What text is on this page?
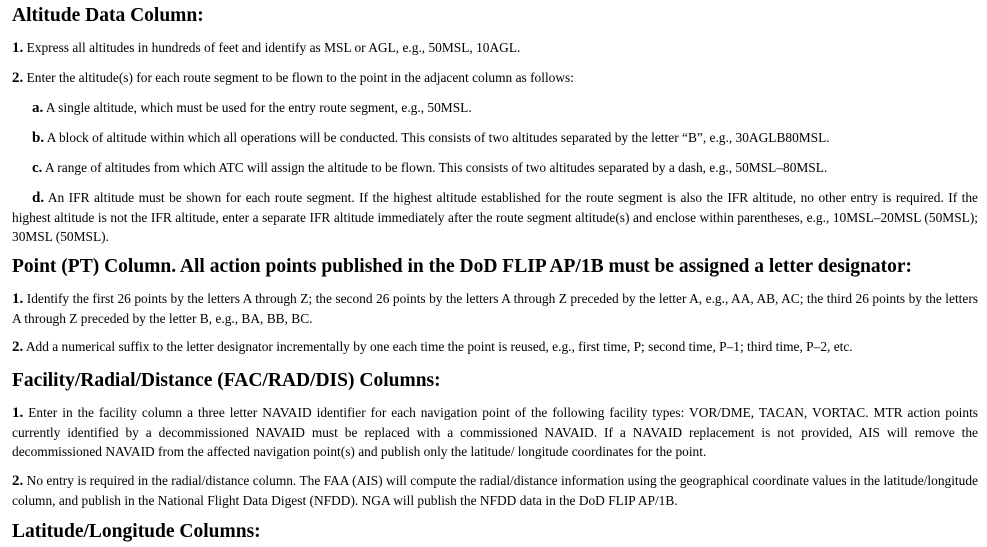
Altitude Data Column:
1. Express all altitudes in hundreds of feet and identify as MSL or AGL, e.g., 50MSL, 10AGL.
2. Enter the altitude(s) for each route segment to be flown to the point in the adjacent column as follows:
a. A single altitude, which must be used for the entry route segment, e.g., 50MSL.
b. A block of altitude within which all operations will be conducted. This consists of two altitudes separated by the letter “B”, e.g., 30AGLB80MSL.
c. A range of altitudes from which ATC will assign the altitude to be flown. This consists of two altitudes separated by a dash, e.g., 50MSL–80MSL.
d. An IFR altitude must be shown for each route segment. If the highest altitude established for the route segment is also the IFR altitude, no other entry is required. If the highest altitude is not the IFR altitude, enter a separate IFR altitude immediately after the route segment altitude(s) and enclose within parentheses, e.g., 10MSL–20MSL (50MSL); 30MSL (50MSL).
Point (PT) Column. All action points published in the DoD FLIP AP/1B must be assigned a letter designator:
1. Identify the first 26 points by the letters A through Z; the second 26 points by the letters A through Z preceded by the letter A, e.g., AA, AB, AC; the third 26 points by the letters A through Z preceded by the letter B, e.g., BA, BB, BC.
2. Add a numerical suffix to the letter designator incrementally by one each time the point is reused, e.g., first time, P; second time, P–1; third time, P–2, etc.
Facility/Radial/Distance (FAC/RAD/DIS) Columns:
1. Enter in the facility column a three letter NAVAID identifier for each navigation point of the following facility types: VOR/DME, TACAN, VORTAC. MTR action points currently identified by a decommissioned NAVAID must be replaced with a commissioned NAVAID. If a NAVAID replacement is not provided, AIS will remove the decommissioned NAVAID from the affected navigation point(s) and publish only the latitude/ longitude coordinates for the point.
2. No entry is required in the radial/distance column. The FAA (AIS) will compute the radial/distance information using the geographical coordinate values in the latitude/longitude column, and publish in the National Flight Data Digest (NFDD). NGA will publish the NFDD data in the DoD FLIP AP/1B.
Latitude/Longitude Columns:
